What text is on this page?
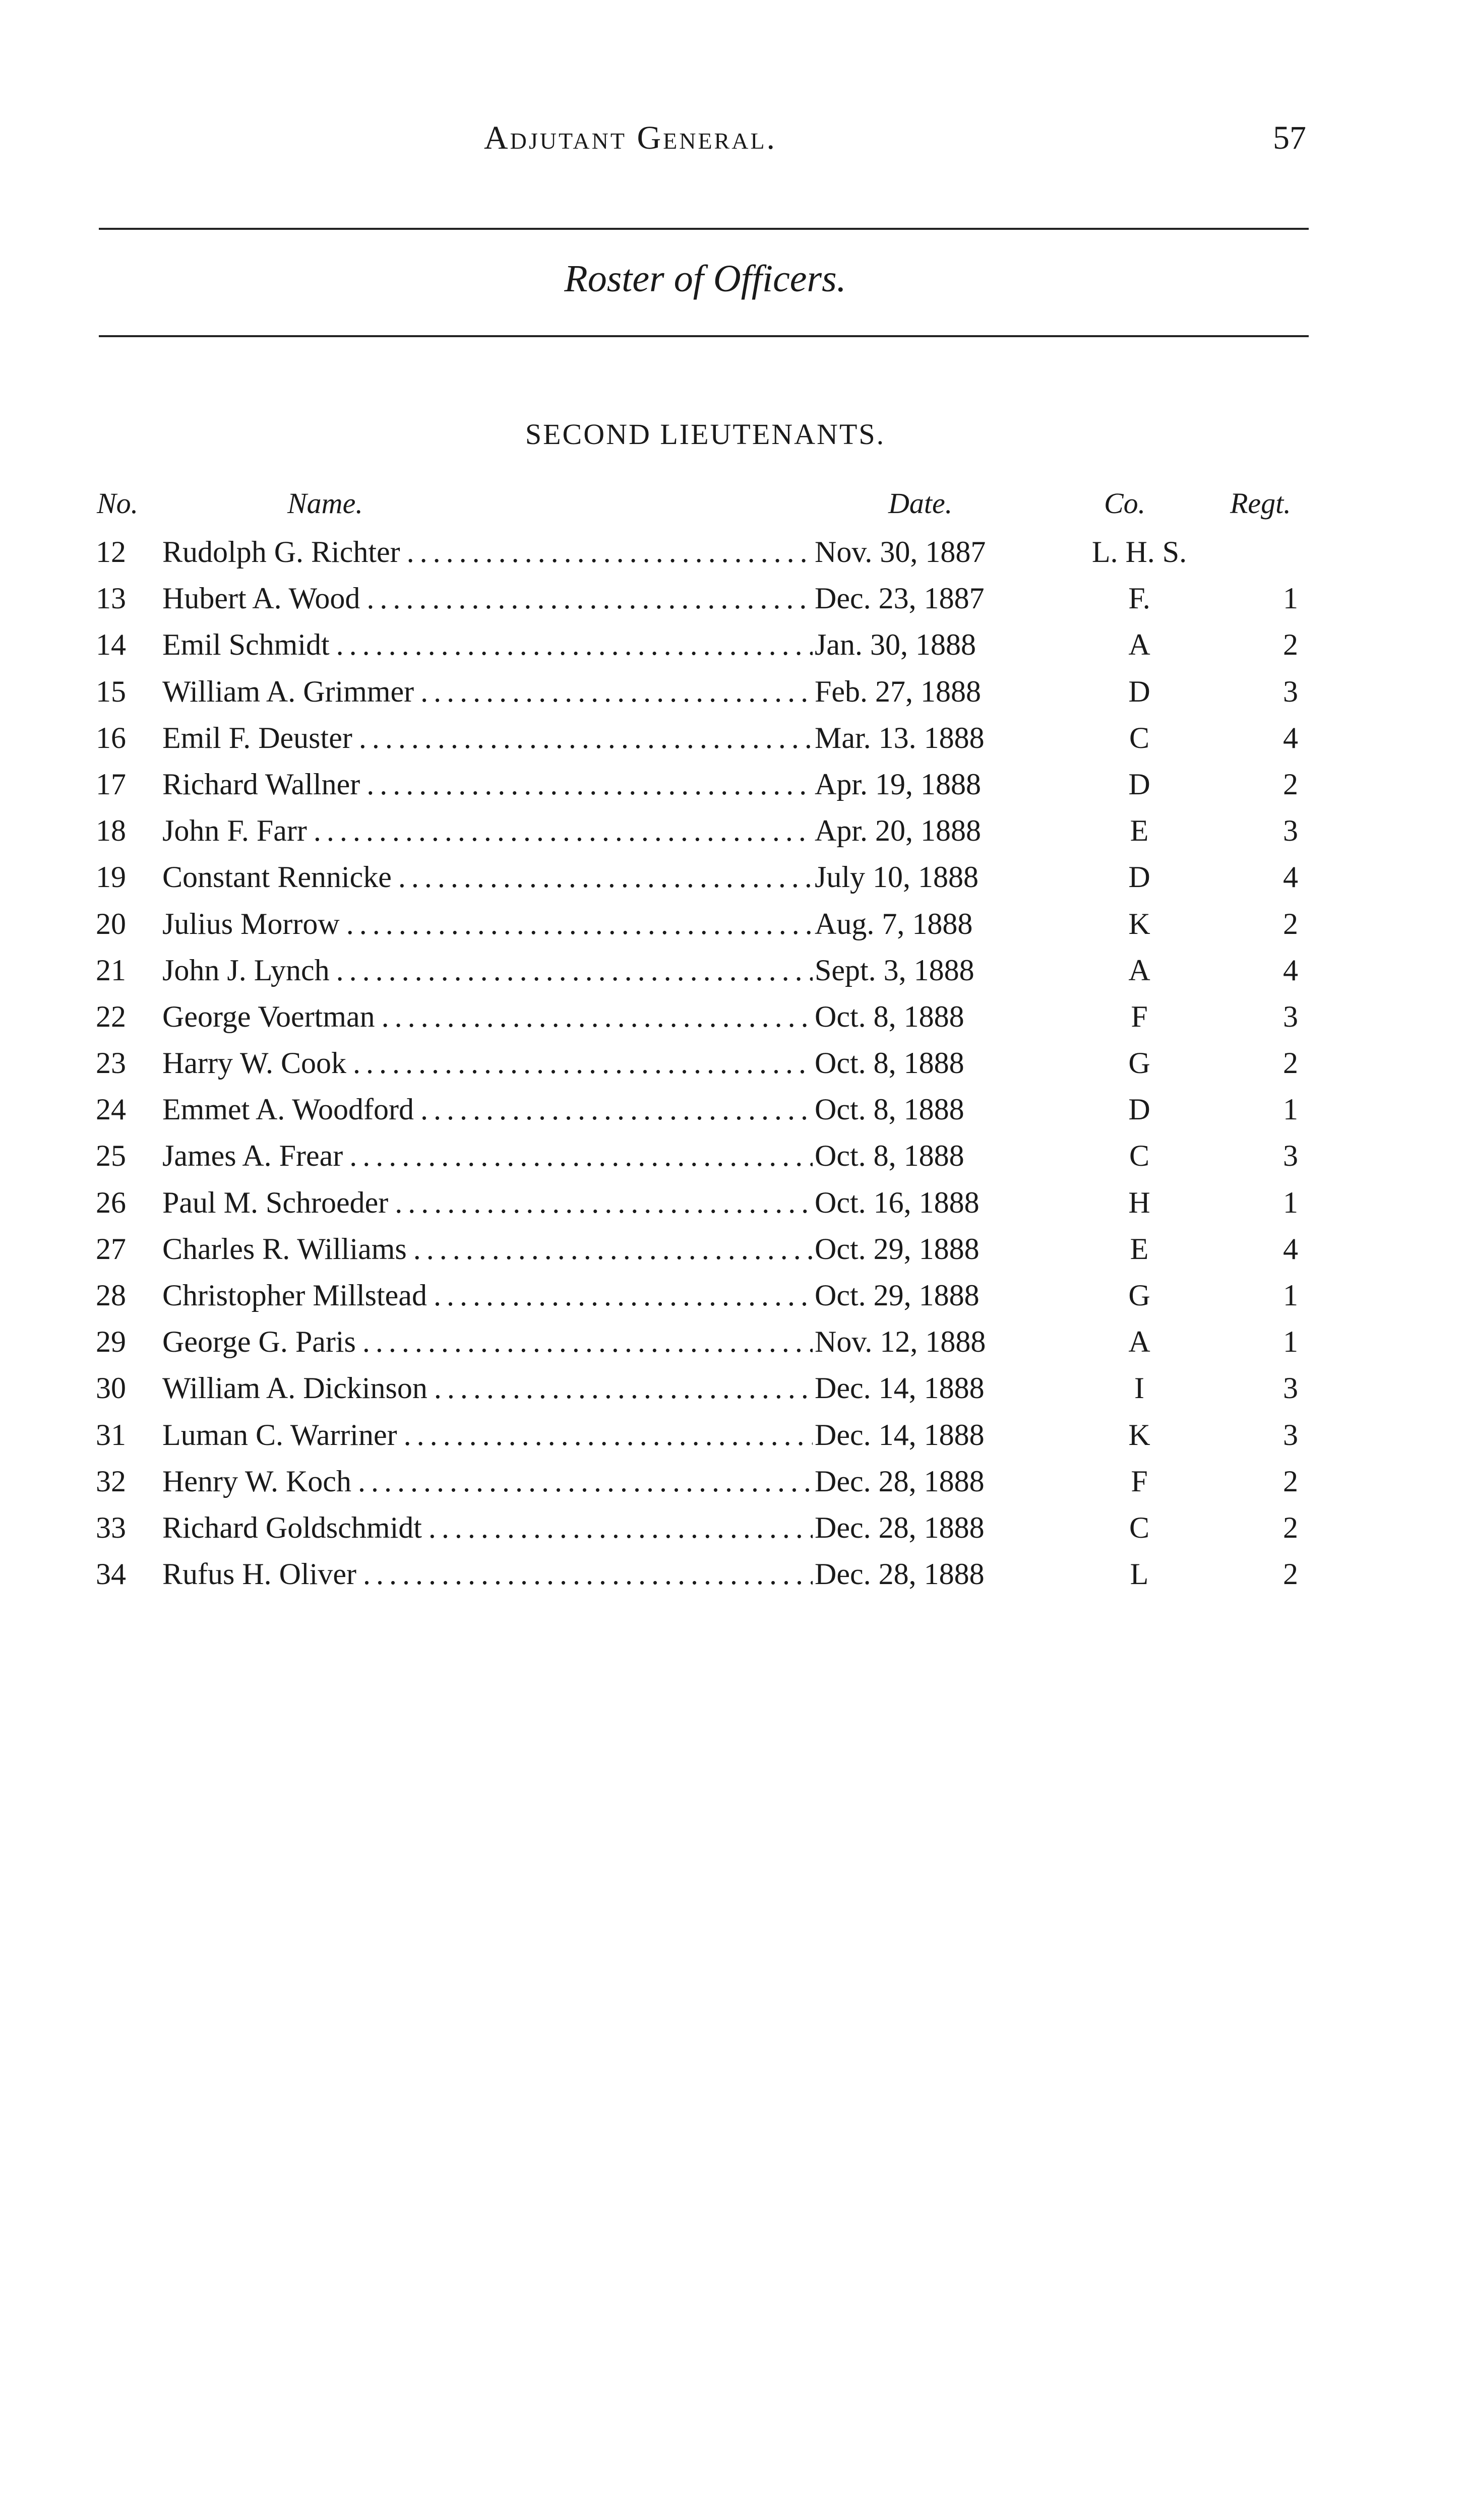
Adjutant General.	57
Roster of Officers.
SECOND LIEUTENANTS.
No.	Name.	Date.	Co.	Regt.
12	Rudolph G. Richter . . .	Nov. 30, 1887	L. H. S.
13	Hubert A. Wood . . .	Dec. 23, 1887	F.	1
14	Emil Schmidt . . .	Jan. 30, 1888	A	2
15	William A. Grimmer . . .	Feb. 27, 1888	D	3
16	Emil F. Deuster . . .	Mar. 13. 1888	C	4
17	Richard Wallner . . .	Apr. 19, 1888	D	2
18	John F. Farr . . .	Apr. 20, 1888	E	3
19	Constant Rennicke . . .	July 10, 1888	D	4
20	Julius Morrow . . .	Aug. 7, 1888	K	2
21	John J. Lynch . . .	Sept. 3, 1888	A	4
22	George Voertman . . .	Oct. 8, 1888	F	3
23	Harry W. Cook . . .	Oct. 8, 1888	G	2
24	Emmet A. Woodford . . .	Oct. 8, 1888	D	1
25	James A. Frear . . .	Oct. 8, 1888	C	3
26	Paul M. Schroeder . . .	Oct. 16, 1888	H	1
27	Charles R. Williams . . .	Oct. 29, 1888	E	4
28	Christopher Millstead . . .	Oct. 29, 1888	G	1
29	George G. Paris . . .	Nov. 12, 1888	A	1
30	William A. Dickinson . . .	Dec. 14, 1888	I	3
31	Luman C. Warriner . . .	Dec. 14, 1888	K	3
32	Henry W. Koch . . .	Dec. 28, 1888	F	2
33	Richard Goldschmidt . . .	Dec. 28, 1888	C	2
34	Rufus H. Oliver . . .	Dec. 28, 1888	L	2
